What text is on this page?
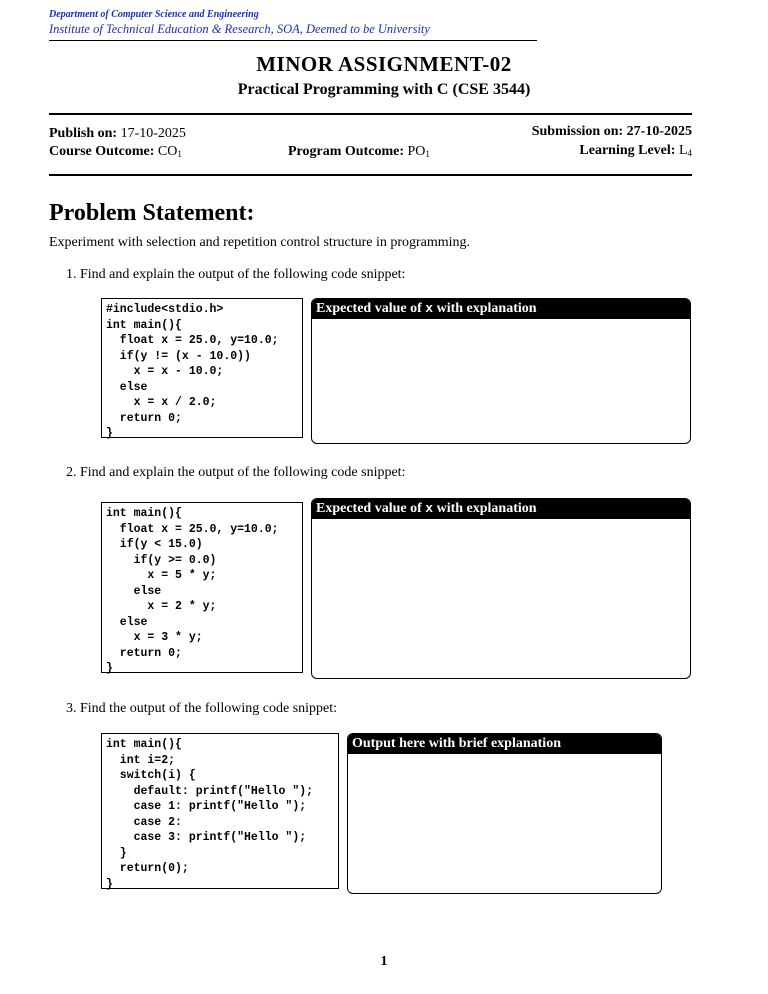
Department of Computer Science and Engineering
Institute of Technical Education & Research, SOA, Deemed to be University
MINOR ASSIGNMENT-02
Practical Programming with C (CSE 3544)
Publish on: 17-10-2025	Submission on: 27-10-2025
Course Outcome: $CO_1$	Program Outcome: $PO_1$	Learning Level: $L_4$
Problem Statement:
Experiment with selection and repetition control structure in programming.
1. Find and explain the output of the following code snippet:
#include<stdio.h>
int main(){
float x = 25.0, y=10.0;
if(y != (x - 10.0))
x = x - 10.0;
else
x = x / 2.0;
return 0;
}
Expected value of x with explanation
2. Find and explain the output of the following code snippet:
int main(){
float x = 25.0, y=10.0;
if(y < 15.0)
if(y >= 0.0)
x = 5 * y;
else
x = 2 * y;
else
x = 3 * y;
return 0;
}
Expected value of x with explanation
3. Find the output of the following code snippet:
int main(){
int i=2;
switch(i) {
default: printf("Hello ");
case 1: printf("Hello ");
case 2:
case 3: printf("Hello ");
}
return(0);
}
Output here with brief explanation
1
